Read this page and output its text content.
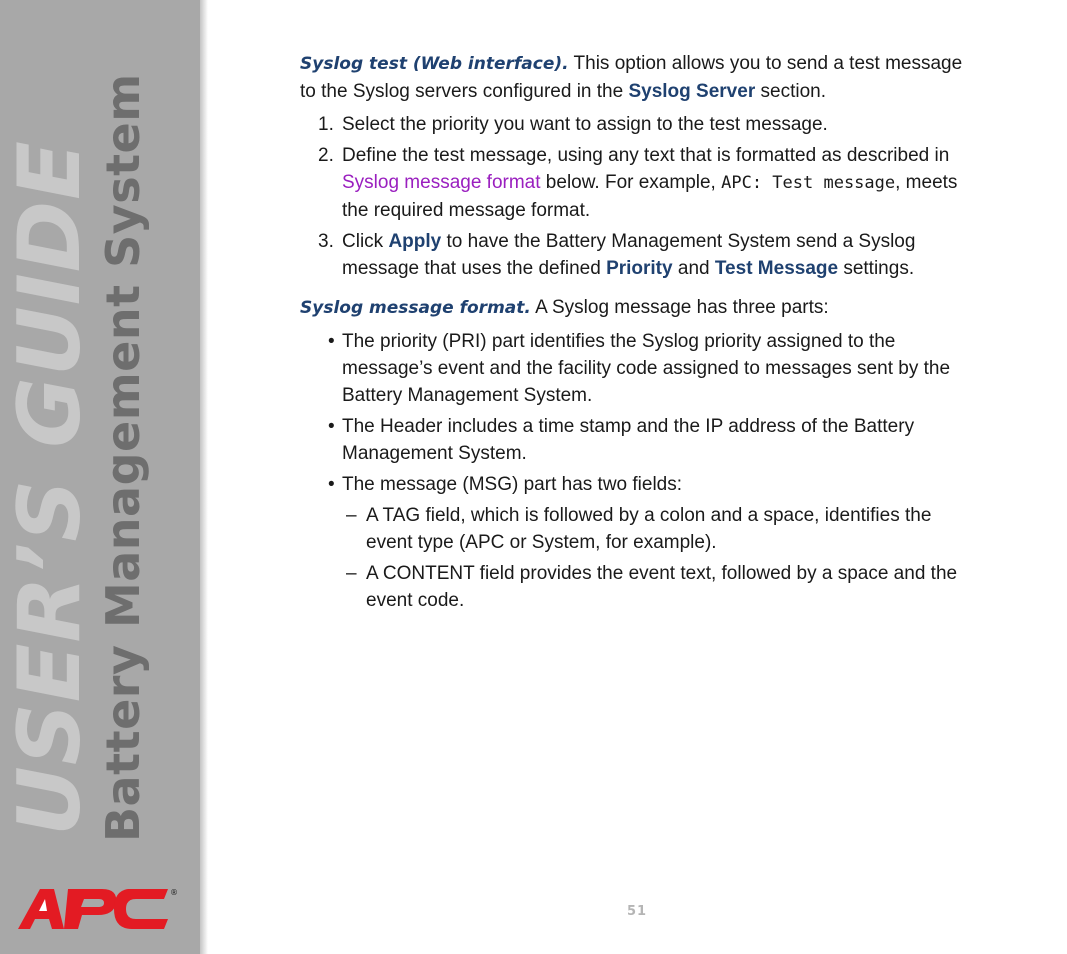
USER’S GUIDE
Battery Management System
®

Syslog test (Web interface). This option allows you to send a test message to the Syslog servers configured in the Syslog Server section.

1. Select the priority you want to assign to the test message.
2. Define the test message, using any text that is formatted as described in Syslog message format below. For example, APC: Test message, meets the required message format.
3. Click Apply to have the Battery Management System send a Syslog message that uses the defined Priority and Test Message settings.

Syslog message format. A Syslog message has three parts:

• The priority (PRI) part identifies the Syslog priority assigned to the message’s event and the facility code assigned to messages sent by the Battery Management System.
• The Header includes a time stamp and the IP address of the Battery Management System.
• The message (MSG) part has two fields:
– A TAG field, which is followed by a colon and a space, identifies the event type (APC or System, for example).
– A CONTENT field provides the event text, followed by a space and the event code.
51
